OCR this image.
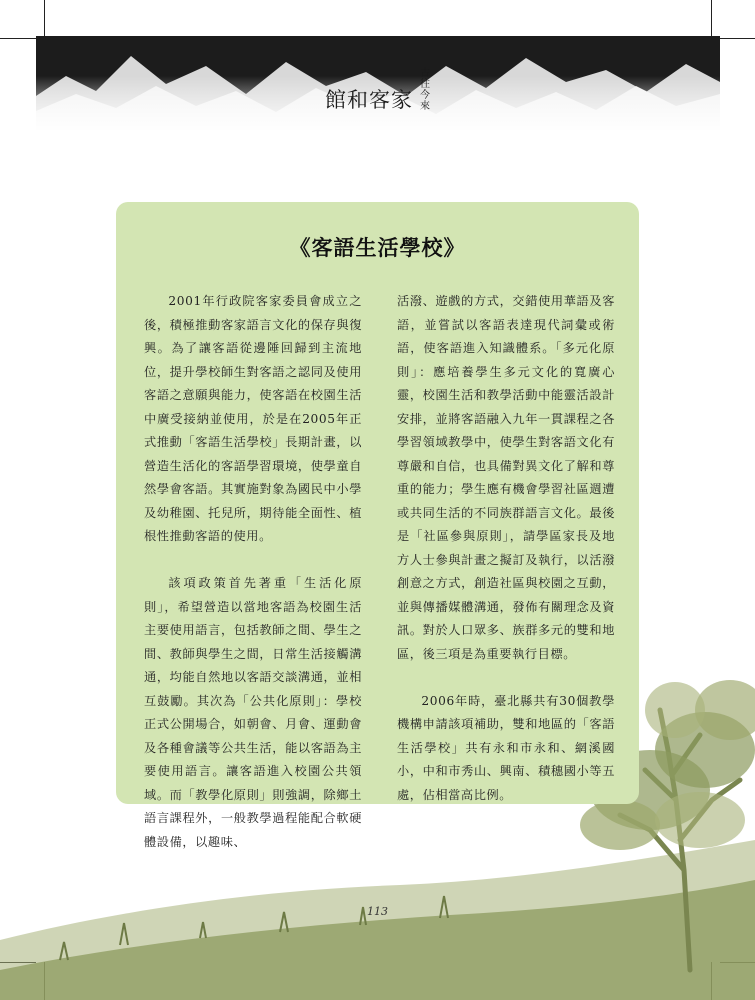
館和客家
古往今來
《客語生活學校》

2001年行政院客家委員會成立之後，積極推動客家語言文化的保存與復興。為了讓客語從邊陲回歸到主流地位，提升學校師生對客語之認同及使用客語之意願與能力，使客語在校園生活中廣受接納並使用，於是在2005年正式推動「客語生活學校」長期計畫，以營造生活化的客語學習環境，使學童自然學會客語。其實施對象為國民中小學及幼稚園、托兒所，期待能全面性、植根性推動客語的使用。

該項政策首先著重「生活化原則」，希望營造以當地客語為校園生活主要使用語言，包括教師之間、學生之間、教師與學生之間，日常生活接觸溝通，均能自然地以客語交談溝通，並相互鼓勵。其次為「公共化原則」：學校正式公開場合，如朝會、月會、運動會及各種會議等公共生活，能以客語為主要使用語言。讓客語進入校園公共領域。而「教學化原則」則強調，除鄉土語言課程外，一般教學過程能配合軟硬體設備，以趣味、

活潑、遊戲的方式，交錯使用華語及客語，並嘗試以客語表達現代詞彙或術語，使客語進入知識體系。「多元化原則」：應培養學生多元文化的寬廣心靈，校園生活和教學活動中能靈活設計安排，並將客語融入九年一貫課程之各學習領域教學中，使學生對客語文化有尊嚴和自信，也具備對異文化了解和尊重的能力；學生應有機會學習社區週遭或共同生活的不同族群語言文化。最後是「社區參與原則」，請學區家長及地方人士參與計畫之擬訂及執行，以活潑創意之方式，創造社區與校園之互動，並與傳播媒體溝通，發佈有關理念及資訊。對於人口眾多、族群多元的雙和地區，後三項是為重要執行目標。

2006年時，臺北縣共有30個教學機構申請該項補助，雙和地區的「客語生活學校」共有永和市永和、網溪國小，中和市秀山、興南、積穗國小等五處，佔相當高比例。

113
